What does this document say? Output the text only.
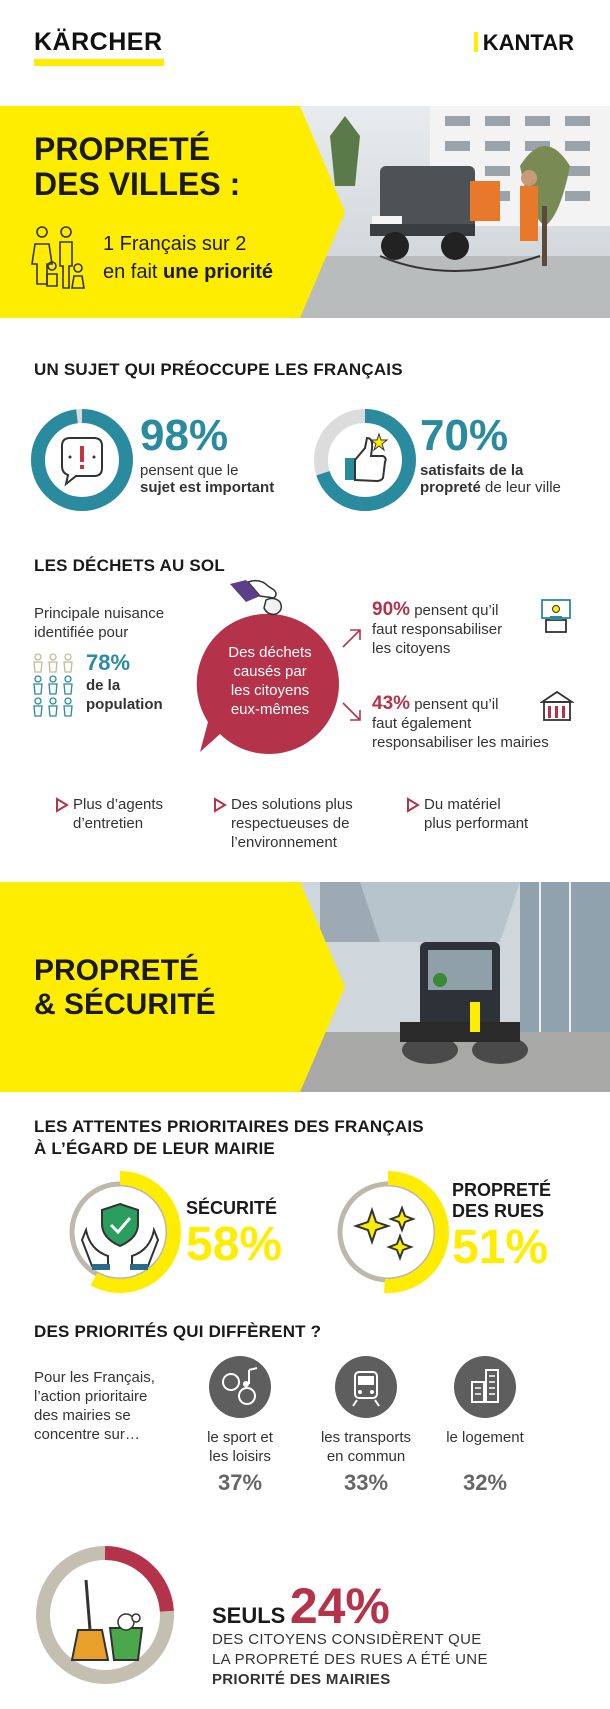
KÄRCHER	KANTAR
PROPRETÉ
DES VILLES :
1 Français sur 2
en fait une priorité
UN SUJET QUI PRÉOCCUPE LES FRANÇAIS
98%
pensent que le
sujet est important
70%
satisfaits de la
propreté de leur ville
LES DÉCHETS AU SOL
Principale nuisance
identifiée pour
78%
de la
population
Des déchets
causés par
les citoyens
eux-mêmes
90% pensent qu’il
faut responsabiliser
les citoyens
43% pensent qu’il
faut également
responsabiliser les mairies
Plus d’agents
d’entretien
Des solutions plus
respectueuses de
l’environnement
Du matériel
plus performant
PROPRETÉ
& SÉCURITÉ
LES ATTENTES PRIORITAIRES DES FRANÇAIS
À L’ÉGARD DE LEUR MAIRIE
SÉCURITÉ
58%
PROPRETÉ
DES RUES
51%
DES PRIORITÉS QUI DIFFÈRENT ?
Pour les Français,
l’action prioritaire
des mairies se
concentre sur…	le sport et
les loisirs
37%
les transports
en commun
33%
le logement
32%
SEULS 24%
DES CITOYENS CONSIDÈRENT QUE
LA PROPRETÉ DES RUES A ÉTÉ UNE
PRIORITÉ DES MAIRIES
